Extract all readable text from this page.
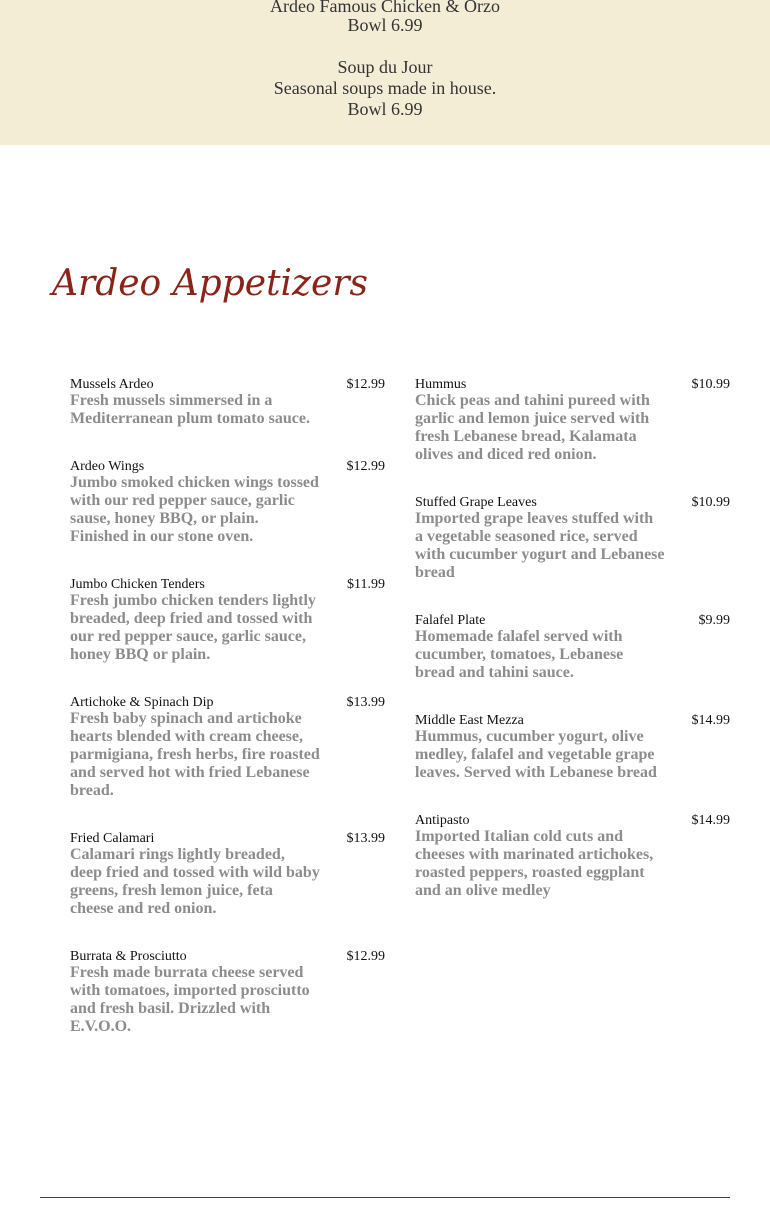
Ardeo Famous Chicken & Orzo
Bowl 6.99
Soup du Jour
Seasonal soups made in house.
Bowl 6.99
Ardeo Appetizers
Mussels Ardeo	$12.99
Fresh mussels simmersed in a Mediterranean plum tomato sauce.
Ardeo Wings	$12.99
Jumbo smoked chicken wings tossed with our red pepper sauce, garlic sause, honey BBQ, or plain. Finished in our stone oven.
Jumbo Chicken Tenders	$11.99
Fresh jumbo chicken tenders lightly breaded, deep fried and tossed with our red pepper sauce, garlic sauce, honey BBQ or plain.
Artichoke & Spinach Dip	$13.99
Fresh baby spinach and artichoke hearts blended with cream cheese, parmigiana, fresh herbs, fire roasted and served hot with fried Lebanese bread.
Fried Calamari	$13.99
Calamari rings lightly breaded, deep fried and tossed with wild baby greens, fresh lemon juice, feta cheese and red onion.
Burrata & Prosciutto	$12.99
Fresh made burrata cheese served with tomatoes, imported prosciutto and fresh basil. Drizzled with E.V.O.O.
Hummus	$10.99
Chick peas and tahini pureed with garlic and lemon juice served with fresh Lebanese bread, Kalamata olives and diced red onion.
Stuffed Grape Leaves	$10.99
Imported grape leaves stuffed with a vegetable seasoned rice, served with cucumber yogurt and Lebanese bread
Falafel Plate	$9.99
Homemade falafel served with cucumber, tomatoes, Lebanese bread and tahini sauce.
Middle East Mezza	$14.99
Hummus, cucumber yogurt, olive medley, falafel and vegetable grape leaves. Served with Lebanese bread
Antipasto	$14.99
Imported Italian cold cuts and cheeses with marinated artichokes, roasted peppers, roasted eggplant and an olive medley
